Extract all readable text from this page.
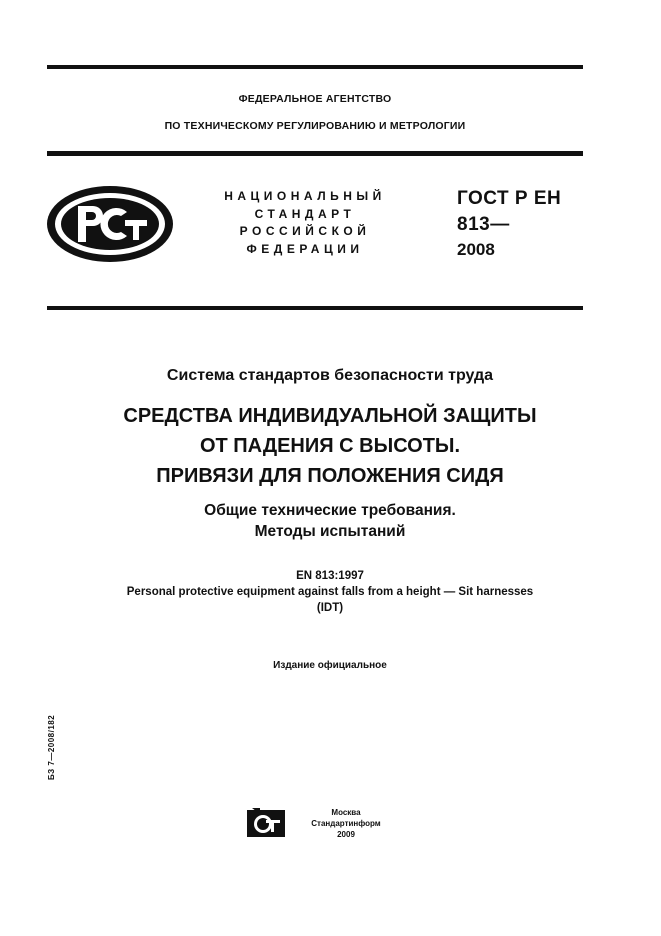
ФЕДЕРАЛЬНОЕ АГЕНТСТВО
ПО ТЕХНИЧЕСКОМУ РЕГУЛИРОВАНИЮ И МЕТРОЛОГИИ
НАЦИОНАЛЬНЫЙ
СТАНДАРТ
РОССИЙСКОЙ
ФЕДЕРАЦИИ
ГОСТ Р ЕН
813—
2008
Система стандартов безопасности труда
СРЕДСТВА ИНДИВИДУАЛЬНОЙ ЗАЩИТЫ
ОТ ПАДЕНИЯ С ВЫСОТЫ.
ПРИВЯЗИ ДЛЯ ПОЛОЖЕНИЯ СИДЯ
Общие технические требования.
Методы испытаний
EN 813:1997
Personal protective equipment against falls from a height — Sit harnesses
(IDT)
Издание официальное
БЗ 7—2008/182
Москва
Стандартинформ
2009
